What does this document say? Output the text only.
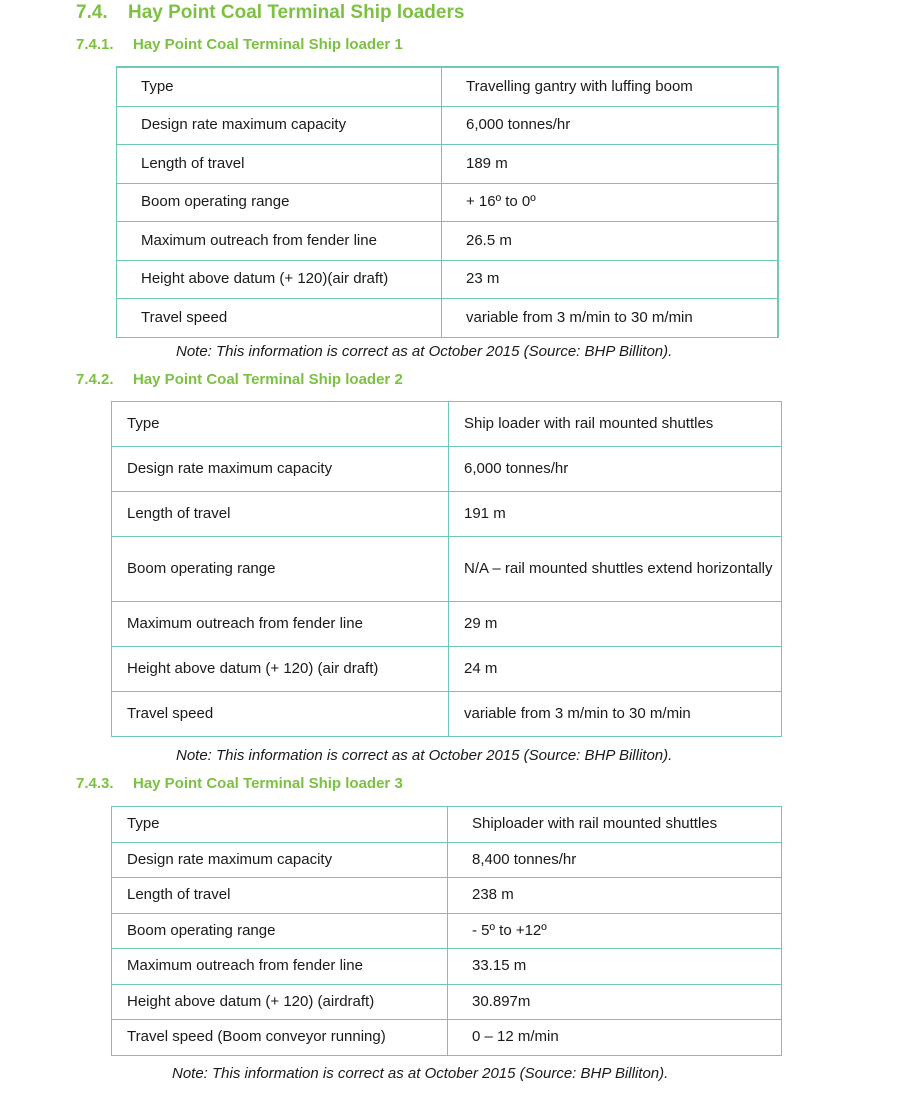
7.4. Hay Point Coal Terminal Ship loaders
7.4.1. Hay Point Coal Terminal Ship loader 1
Type	Travelling gantry with luffing boom
Design rate maximum capacity	6,000 tonnes/hr
Length of travel	189 m
Boom operating range	+ 16º to 0º
Maximum outreach from fender line	26.5 m
Height above datum (+ 120)(air draft)	23 m
Travel speed	variable from 3 m/min to 30 m/min
Note: This information is correct as at October 2015 (Source: BHP Billiton).
7.4.2. Hay Point Coal Terminal Ship loader 2
Type	Ship loader with rail mounted shuttles
Design rate maximum capacity	6,000 tonnes/hr
Length of travel	191 m
Boom operating range	N/A – rail mounted shuttles extend horizontally
Maximum outreach from fender line	29 m
Height above datum (+ 120) (air draft)	24 m
Travel speed	variable from 3 m/min to 30 m/min
Note: This information is correct as at October 2015 (Source: BHP Billiton).
7.4.3. Hay Point Coal Terminal Ship loader 3
Type	Shiploader with rail mounted shuttles
Design rate maximum capacity	8,400 tonnes/hr
Length of travel	238 m
Boom operating range	- 5º to +12º
Maximum outreach from fender line	33.15 m
Height above datum (+ 120) (airdraft)	30.897m
Travel speed (Boom conveyor running)	0 – 12 m/min
Note: This information is correct as at October 2015 (Source: BHP Billiton).
